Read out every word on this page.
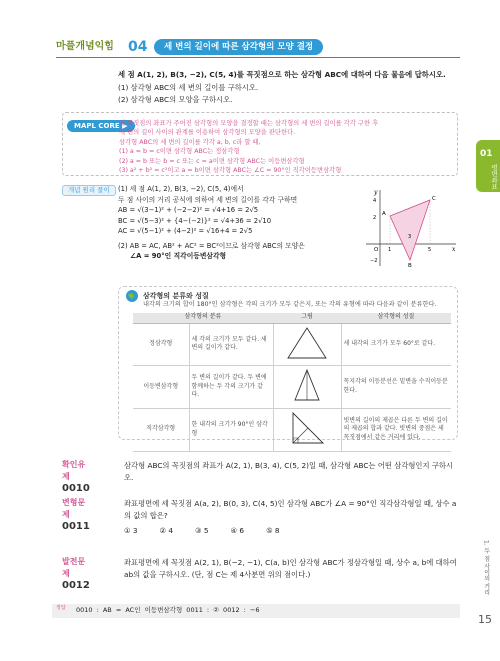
마플개념익힘 04	세 변의 길이에 따른 삼각형의 모양 결정
세 점 A(1, 2), B(3, −2), C(5, 4)를 꼭짓점으로 하는 삼각형 ABC에 대하여 다음 물음에 답하시오.
(1) 삼각형 ABC의 세 변의 길이를 구하시오.
(2) 삼각형 ABC의 모양을 구하시오.
MAPL CORE ▶
세 꼭짓점의 좌표가 주어진 삼각형의 모양을 결정할 때는 삼각형의 세 변의 길이를 각각 구한 후
세 변의 길이 사이의 관계를 이용하여 삼각형의 모양을 판단한다.
삼각형 ABC의 세 변의 길이를 각각 a, b, c라 할 때,
(1) a = b = c이면 삼각형 ABC는 정삼각형
(2) a = b 또는 b = c 또는 c = a이면 삼각형 ABC는 이등변삼각형
(3) a² + b² = c²이고 a = b이면 삼각형 ABC는 ∠C = 90°인 직각이등변삼각형
개념 원리 풀이	(1) 세 점 A(1, 2), B(3, −2), C(5, 4)에서
두 점 사이의 거리 공식에 의하여 세 변의 길이를 각각 구하면
AB = √(3−1)² + (−2−2)² = √4+16 = 2√5
BC = √(5−3)² + {4−(−2)}² = √4+36 = 2√10
AC = √(5−1)² + (4−2)² = √16+4 = 2√5
(2) AB = AC, AB² + AC² = BC²이므로 삼각형 ABC의 모양은
∠A = 90°인 직각이등변삼각형
y
x
O
A
B
C
1
3
5
4
2
−2
삼각형의 분류와 성질
내각의 크기의 합이 180°인 삼각형은 각의 크기가 모두 같은지, 또는 각의 유형에 따라 다음과 같이 분류한다.
삼각형의 분류		그림	삼각형의 성질
정삼각형	세 각의 크기가 모두 같다. 세 변의 길이가 같다.		세 내각의 크기가 모두 60°로 같다.
이등변삼각형	두 변의 길이가 같다. 두 변에 함께하는 두 각의 크기가 같다.		꼭지각의 이등분선은 밑변을 수직이등분한다.
직각삼각형	한 내각의 크기가 90°인 삼각형		빗변의 길이의 제곱은 다른 두 변의 길이의 제곱의 합과 같다. 빗변의 중점은 세 꼭짓점에서 같은 거리에 있다.
확인유제 0010
삼각형 ABC의 꼭짓점의 좌표가 A(2, 1), B(3, 4), C(5, 2)일 때, 삼각형 ABC는 어떤 삼각형인지 구하시오.
변형문제 0011
좌표평면에 세 꼭짓점 A(a, 2), B(0, 3), C(4, 5)인 삼각형 ABC가 ∠A = 90°인 직각삼각형일 때, 상수 a의 값의 합은?
① 3	② 4	③ 5	④ 6	⑤ 8
발전문제 0012
좌표평면에 세 꼭짓점 A(2, 1), B(−2, −1), C(a, b)인 삼각형 ABC가 정삼각형일 때, 상수 a, b에 대하여 ab의 값을 구하시오. (단, 점 C는 제 4사분면 위의 점이다.)
정답	0010 : AB = AC인 이등변삼각형 0011 : ② 0012 : −6
01
평면좌표
1. 두 점 사이의 거리
15
